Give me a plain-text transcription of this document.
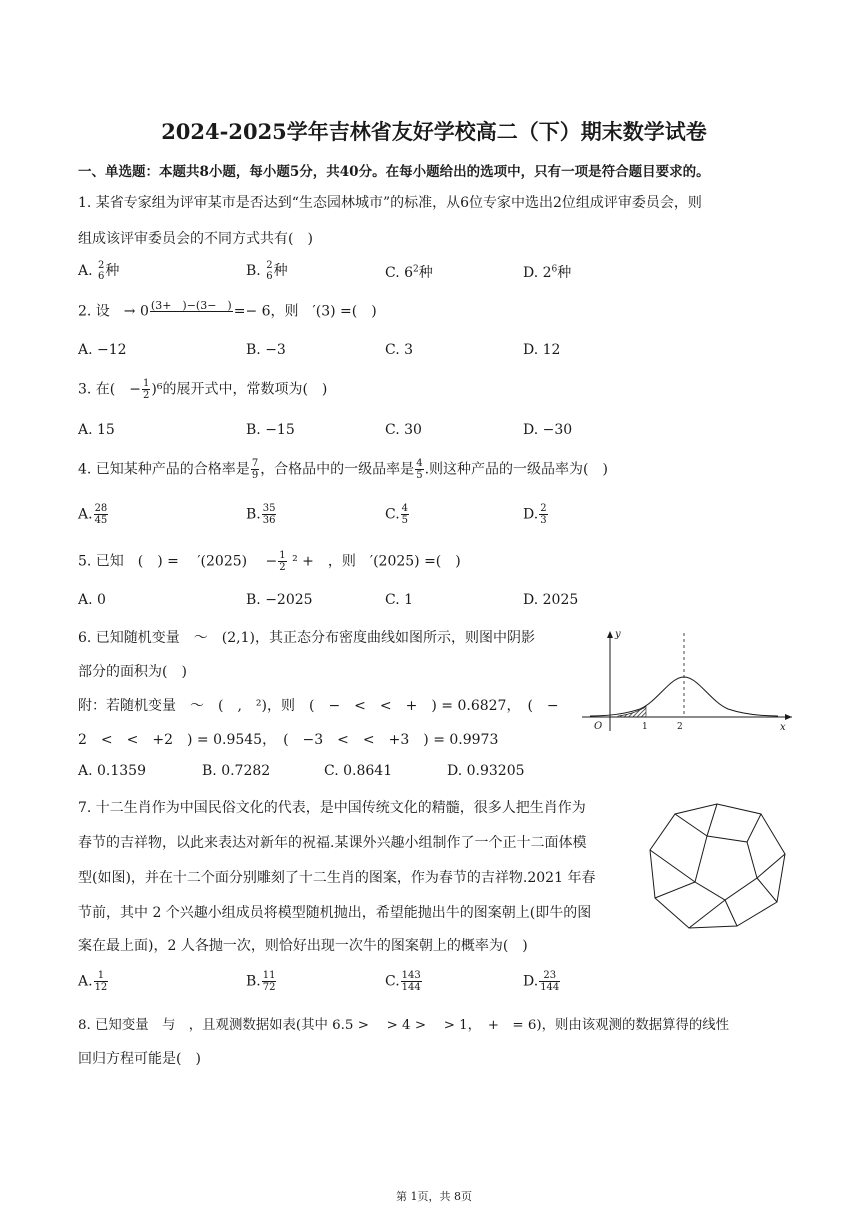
2024-2025学年吉林省友好学校高二（下）期末数学试卷
一、单选题：本题共8小题，每小题5分，共40分。在每小题给出的选项中，只有一项是符合题目要求的。
1. 某省专家组为评审某市是否达到“生态园林城市”的标准，从6位专家中选出2位组成评审委员会，则
组成该评审委员会的不同方式共有(　)
A. 2
6 种	B. 2
6 种	C. $6^2$种	D. $2^6$种
2. 设　→ 0 (3+　)−(3−　)
=− 6，则　′(3) =(　)
A. −12	B. −3	C. 3	D. 12
3. 在(　− $\frac{1}{2} )^6$的展开式中，常数项为(　)
A. 15	B. −15	C. 30	D. −30
4. 已知某种产品的合格率是 $\frac{7}{9}$ ，合格品中的一级品率是 $\frac{4}{5}$ .则这种产品的一级品率为(　)
A. $\frac{28}{45}$	B. $\frac{35}{36}$	C. $\frac{4}{5}$	D. $\frac{2}{3}$
5. 已知　(　) =　 ′(2025)　 − $\frac{1}{2} ^2$ +　，则　′(2025) =(　)
A. 0	B. −2025	C. 1	D. 2025
6. 已知随机变量　～　(2,1)，其正态分布密度曲线如图所示，则图中阴影
部分的面积为(　)
附：若随机变量　～　(　,　²)，则　(　−　<　<　+　) = 0.6827，　(　−
2　<　<　+2　) = 0.9545，　(　−3　<　<　+3　) = 0.9973
A. 0.1359	B. 0.7282	C. 0.8641	D. 0.93205
y
O	1	2	x
7. 十二生肖作为中国民俗文化的代表，是中国传统文化的精髓，很多人把生肖作为
春节的吉祥物，以此来表达对新年的祝福.某课外兴趣小组制作了一个正十二面体模
型(如图)，并在十二个面分别雕刻了十二生肖的图案，作为春节的吉祥物.2021 年春
节前，其中 2 个兴趣小组成员将模型随机抛出，希望能抛出牛的图案朝上(即牛的图
案在最上面)，2 人各抛一次，则恰好出现一次牛的图案朝上的概率为(　)
A. $\frac{1}{12}$	B. $\frac{11}{72}$	C. $\frac{143}{144}$	D. $\frac{23}{144}$
8. 已知变量　与　，且观测数据如表(其中 6.5 >　 > 4 >　 > 1，　+　= 6)，则由该观测的数据算得的线性
回归方程可能是(　)
第 1页，共 8页
